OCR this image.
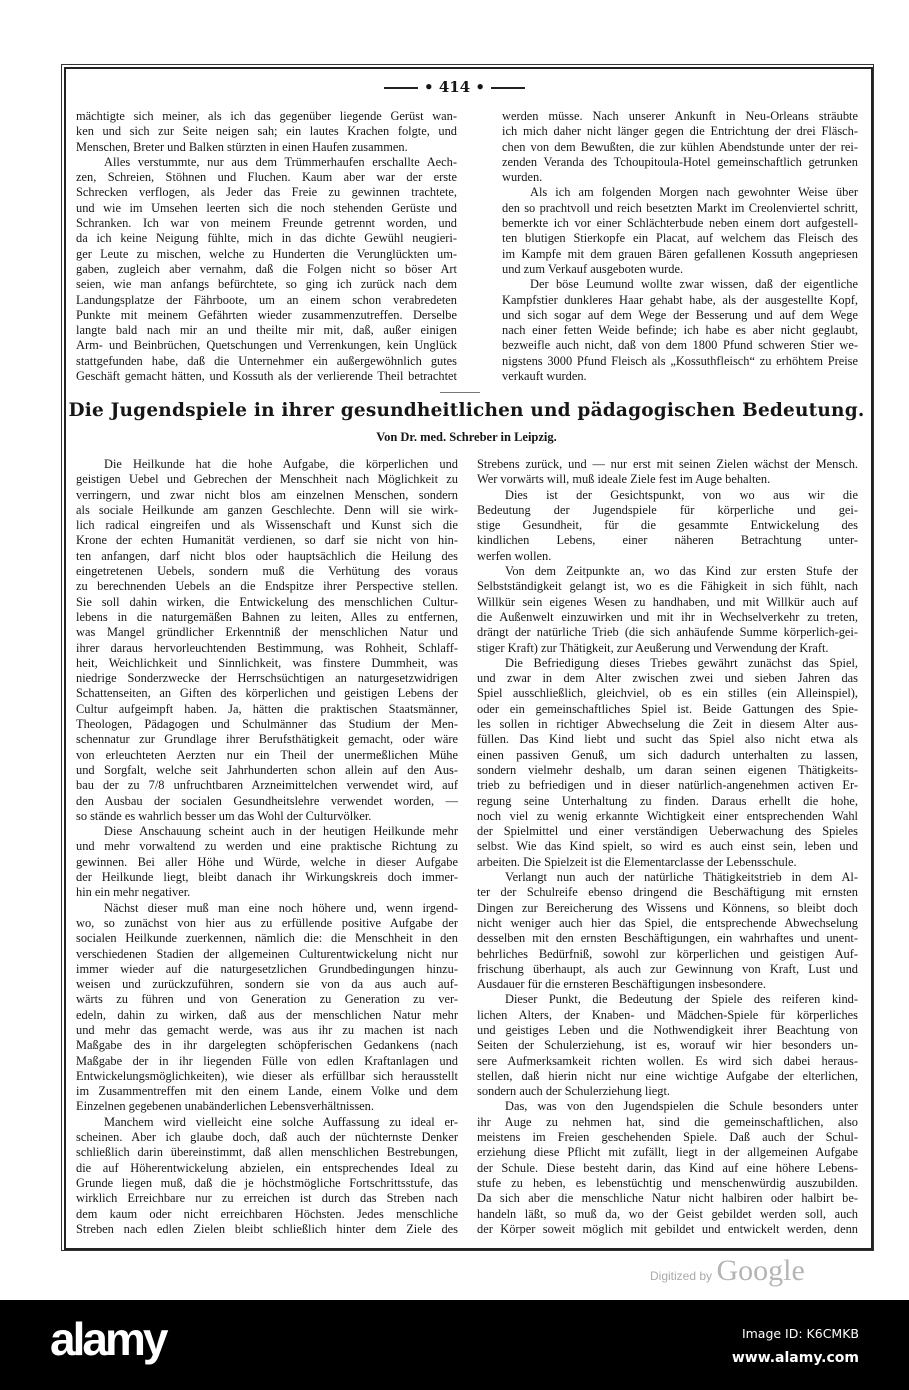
• 414 •
mächtigte sich meiner, als ich das gegenüber liegende Gerüst wan-
ken und sich zur Seite neigen sah; ein lautes Krachen folgte, und
Menschen, Breter und Balken stürzten in einen Haufen zusammen.
Alles verstummte, nur aus dem Trümmerhaufen erschallte Aech-
zen, Schreien, Stöhnen und Fluchen. Kaum aber war der erste
Schrecken verflogen, als Jeder das Freie zu gewinnen trachtete,
und wie im Umsehen leerten sich die noch stehenden Gerüste und
Schranken. Ich war von meinem Freunde getrennt worden, und
da ich keine Neigung fühlte, mich in das dichte Gewühl neugieri-
ger Leute zu mischen, welche zu Hunderten die Verunglückten um-
gaben, zugleich aber vernahm, daß die Folgen nicht so böser Art
seien, wie man anfangs befürchtete, so ging ich zurück nach dem
Landungsplatze der Fährboote, um an einem schon verabredeten
Punkte mit meinem Gefährten wieder zusammenzutreffen. Derselbe
langte bald nach mir an und theilte mir mit, daß, außer einigen
Arm- und Beinbrüchen, Quetschungen und Verrenkungen, kein Unglück
stattgefunden habe, daß die Unternehmer ein außergewöhnlich gutes
Geschäft gemacht hätten, und Kossuth als der verlierende Theil betrachtet
werden müsse. Nach unserer Ankunft in Neu-Orleans sträubte
ich mich daher nicht länger gegen die Entrichtung der drei Fläsch-
chen von dem Bewußten, die zur kühlen Abendstunde unter der rei-
zenden Veranda des Tchoupitoula-Hotel gemeinschaftlich getrunken
wurden.
Als ich am folgenden Morgen nach gewohnter Weise über
den so prachtvoll und reich besetzten Markt im Creolenviertel schritt,
bemerkte ich vor einer Schlächterbude neben einem dort aufgestell-
ten blutigen Stierkopfe ein Placat, auf welchem das Fleisch des
im Kampfe mit dem grauen Bären gefallenen Kossuth angepriesen
und zum Verkauf ausgeboten wurde.
Der böse Leumund wollte zwar wissen, daß der eigentliche
Kampfstier dunkleres Haar gehabt habe, als der ausgestellte Kopf,
und sich sogar auf dem Wege der Besserung und auf dem Wege
nach einer fetten Weide befinde; ich habe es aber nicht geglaubt,
bezweifle auch nicht, daß von dem 1800 Pfund schweren Stier we-
nigstens 3000 Pfund Fleisch als „Kossuthfleisch“ zu erhöhtem Preise
verkauft wurden.
Die Jugendspiele in ihrer gesundheitlichen und pädagogischen Bedeutung.
Von Dr. med. Schreber in Leipzig.
Die Heilkunde hat die hohe Aufgabe, die körperlichen und
geistigen Uebel und Gebrechen der Menschheit nach Möglichkeit zu
verringern, und zwar nicht blos am einzelnen Menschen, sondern
als sociale Heilkunde am ganzen Geschlechte. Denn will sie wirk-
lich radical eingreifen und als Wissenschaft und Kunst sich die
Krone der echten Humanität verdienen, so darf sie nicht von hin-
ten anfangen, darf nicht blos oder hauptsächlich die Heilung des
eingetretenen Uebels, sondern muß die Verhütung des voraus
zu berechnenden Uebels an die Endspitze ihrer Perspective stellen.
Sie soll dahin wirken, die Entwickelung des menschlichen Cultur-
lebens in die naturgemäßen Bahnen zu leiten, Alles zu entfernen,
was Mangel gründlicher Erkenntniß der menschlichen Natur und
ihrer daraus hervorleuchtenden Bestimmung, was Rohheit, Schlaff-
heit, Weichlichkeit und Sinnlichkeit, was finstere Dummheit, was
niedrige Sonderzwecke der Herrschsüchtigen an naturgesetzwidrigen
Schattenseiten, an Giften des körperlichen und geistigen Lebens der
Cultur aufgeimpft haben. Ja, hätten die praktischen Staatsmänner,
Theologen, Pädagogen und Schulmänner das Studium der Men-
schennatur zur Grundlage ihrer Berufsthätigkeit gemacht, oder wäre
von erleuchteten Aerzten nur ein Theil der unermeßlichen Mühe
und Sorgfalt, welche seit Jahrhunderten schon allein auf den Aus-
bau der zu 7/8 unfruchtbaren Arzneimittelchen verwendet wird, auf
den Ausbau der socialen Gesundheitslehre verwendet worden, —
so stände es wahrlich besser um das Wohl der Culturvölker.
Diese Anschauung scheint auch in der heutigen Heilkunde mehr
und mehr vorwaltend zu werden und eine praktische Richtung zu
gewinnen. Bei aller Höhe und Würde, welche in dieser Aufgabe
der Heilkunde liegt, bleibt danach ihr Wirkungskreis doch immer-
hin ein mehr negativer.
Nächst dieser muß man eine noch höhere und, wenn irgend-
wo, so zunächst von hier aus zu erfüllende positive Aufgabe der
socialen Heilkunde zuerkennen, nämlich die: die Menschheit in den
verschiedenen Stadien der allgemeinen Culturentwickelung nicht nur
immer wieder auf die naturgesetzlichen Grundbedingungen hinzu-
weisen und zurückzuführen, sondern sie von da aus auch auf-
wärts zu führen und von Generation zu Generation zu ver-
edeln, dahin zu wirken, daß aus der menschlichen Natur mehr
und mehr das gemacht werde, was aus ihr zu machen ist nach
Maßgabe des in ihr dargelegten schöpferischen Gedankens (nach
Maßgabe der in ihr liegenden Fülle von edlen Kraftanlagen und
Entwickelungsmöglichkeiten), wie dieser als erfüllbar sich herausstellt
im Zusammentreffen mit den einem Lande, einem Volke und dem
Einzelnen gegebenen unabänderlichen Lebensverhältnissen.
Manchem wird vielleicht eine solche Auffassung zu ideal er-
scheinen. Aber ich glaube doch, daß auch der nüchternste Denker
schließlich darin übereinstimmt, daß allen menschlichen Bestrebungen,
die auf Höherentwickelung abzielen, ein entsprechendes Ideal zu
Grunde liegen muß, daß die je höchstmögliche Fortschrittsstufe, das
wirklich Erreichbare nur zu erreichen ist durch das Streben nach
dem kaum oder nicht erreichbaren Höchsten. Jedes menschliche
Streben nach edlen Zielen bleibt schließlich hinter dem Ziele des
Strebens zurück, und — nur erst mit seinen Zielen wächst der Mensch.
Wer vorwärts will, muß ideale Ziele fest im Auge behalten.
Dies ist der Gesichtspunkt, von wo aus wir die
Bedeutung der Jugendspiele für körperliche und gei-
stige Gesundheit, für die gesammte Entwickelung des
kindlichen Lebens, einer näheren Betrachtung unter-
werfen wollen.
Von dem Zeitpunkte an, wo das Kind zur ersten Stufe der
Selbstständigkeit gelangt ist, wo es die Fähigkeit in sich fühlt, nach
Willkür sein eigenes Wesen zu handhaben, und mit Willkür auch auf
die Außenwelt einzuwirken und mit ihr in Wechselverkehr zu treten,
drängt der natürliche Trieb (die sich anhäufende Summe körperlich-gei-
stiger Kraft) zur Thätigkeit, zur Aeußerung und Verwendung der Kraft.
Die Befriedigung dieses Triebes gewährt zunächst das Spiel,
und zwar in dem Alter zwischen zwei und sieben Jahren das
Spiel ausschließlich, gleichviel, ob es ein stilles (ein Alleinspiel),
oder ein gemeinschaftliches Spiel ist. Beide Gattungen des Spie-
les sollen in richtiger Abwechselung die Zeit in diesem Alter aus-
füllen. Das Kind liebt und sucht das Spiel also nicht etwa als
einen passiven Genuß, um sich dadurch unterhalten zu lassen,
sondern vielmehr deshalb, um daran seinen eigenen Thätigkeits-
trieb zu befriedigen und in dieser natürlich-angenehmen activen Er-
regung seine Unterhaltung zu finden. Daraus erhellt die hohe,
noch viel zu wenig erkannte Wichtigkeit einer entsprechenden Wahl
der Spielmittel und einer verständigen Ueberwachung des Spieles
selbst. Wie das Kind spielt, so wird es auch einst sein, leben und
arbeiten. Die Spielzeit ist die Elementarclasse der Lebensschule.
Verlangt nun auch der natürliche Thätigkeitstrieb in dem Al-
ter der Schulreife ebenso dringend die Beschäftigung mit ernsten
Dingen zur Bereicherung des Wissens und Könnens, so bleibt doch
nicht weniger auch hier das Spiel, die entsprechende Abwechselung
desselben mit den ernsten Beschäftigungen, ein wahrhaftes und unent-
behrliches Bedürfniß, sowohl zur körperlichen und geistigen Auf-
frischung überhaupt, als auch zur Gewinnung von Kraft, Lust und
Ausdauer für die ernsteren Beschäftigungen insbesondere.
Dieser Punkt, die Bedeutung der Spiele des reiferen kind-
lichen Alters, der Knaben- und Mädchen-Spiele für körperliches
und geistiges Leben und die Nothwendigkeit ihrer Beachtung von
Seiten der Schulerziehung, ist es, worauf wir hier besonders un-
sere Aufmerksamkeit richten wollen. Es wird sich dabei heraus-
stellen, daß hierin nicht nur eine wichtige Aufgabe der elterlichen,
sondern auch der Schulerziehung liegt.
Das, was von den Jugendspielen die Schule besonders unter
ihr Auge zu nehmen hat, sind die gemeinschaftlichen, also
meistens im Freien geschehenden Spiele. Daß auch der Schul-
erziehung diese Pflicht mit zufällt, liegt in der allgemeinen Aufgabe
der Schule. Diese besteht darin, das Kind auf eine höhere Lebens-
stufe zu heben, es lebenstüchtig und menschenwürdig auszubilden.
Da sich aber die menschliche Natur nicht halbiren oder halbirt be-
handeln läßt, so muß da, wo der Geist gebildet werden soll, auch
der Körper soweit möglich mit gebildet und entwickelt werden, denn
Digitized by Google
alamy	Image ID: K6CMKB
www.alamy.com
